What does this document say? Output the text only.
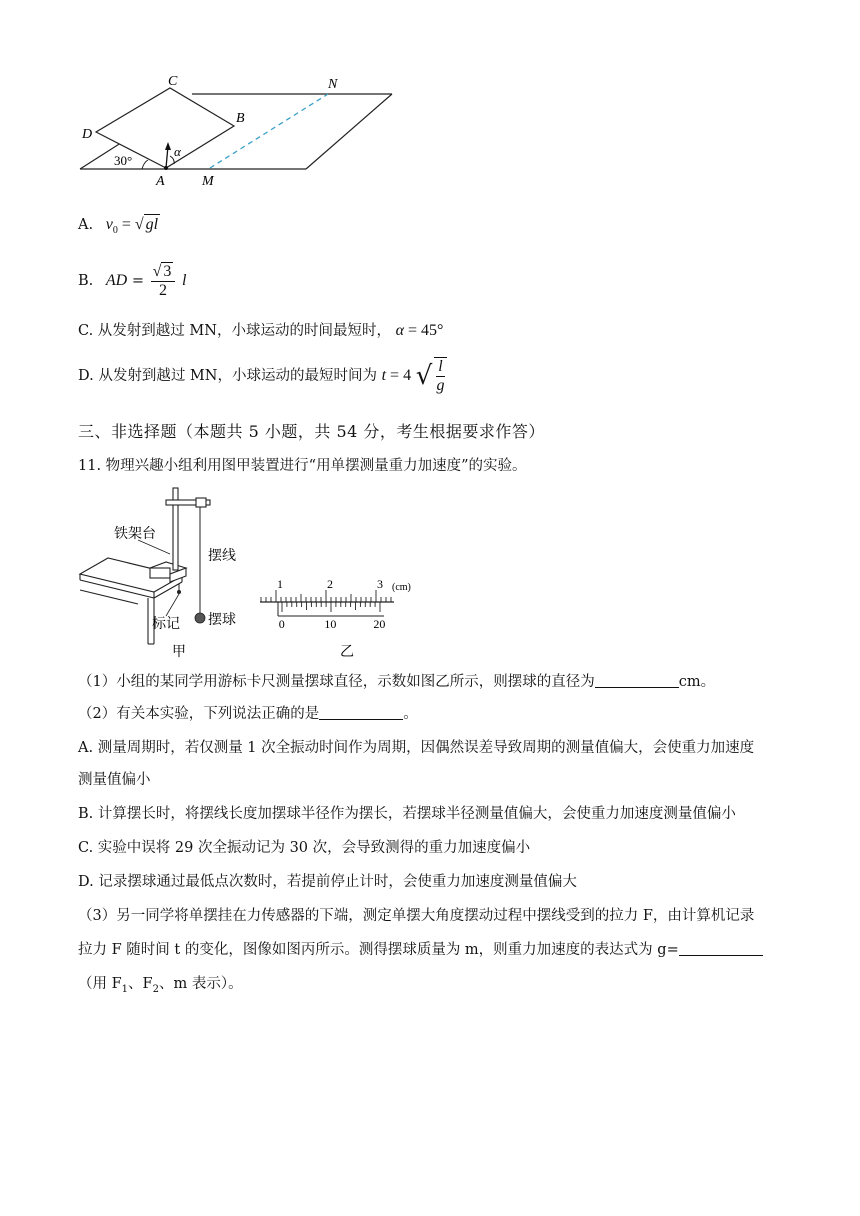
C	N
B
D
A	M
30°
α
A. $v_0$ = √ gl
B. AD = $\frac{√ 3}{2}$ l
C. 从发射到越过 MN，小球运动的时间最短时， α = 45°
D. 从发射到越过 MN，小球运动的最短时间为 t = 4 √ $\frac{l}{g}$
三、非选择题（本题共 5 小题，共 54 分，考生根据要求作答）
11. 物理兴趣小组利用图甲装置进行“用单摆测量重力加速度”的实验。
铁架台
摆线
标记 摆球
甲
1	2	3 (cm)
0	10	20
乙
（1）小组的某同学用游标卡尺测量摆球直径，示数如图乙所示，则摆球的直径为	cm。
（2）有关本实验，下列说法正确的是	。
A. 测量周期时，若仅测量 1 次全振动时间作为周期，因偶然误差导致周期的测量值偏大，会使重力加速度
测量值偏小
B. 计算摆长时，将摆线长度加摆球半径作为摆长，若摆球半径测量值偏大，会使重力加速度测量值偏小
C. 实验中误将 29 次全振动记为 30 次，会导致测得的重力加速度偏小
D. 记录摆球通过最低点次数时，若提前停止计时，会使重力加速度测量值偏大
（3）另一同学将单摆挂在力传感器的下端，测定单摆大角度摆动过程中摆线受到的拉力 F，由计算机记录
拉力 F 随时间 t 的变化，图像如图丙所示。测得摆球质量为 m，则重力加速度的表达式为 g=
（用 $F_1$、$F_2$、m 表示）。
